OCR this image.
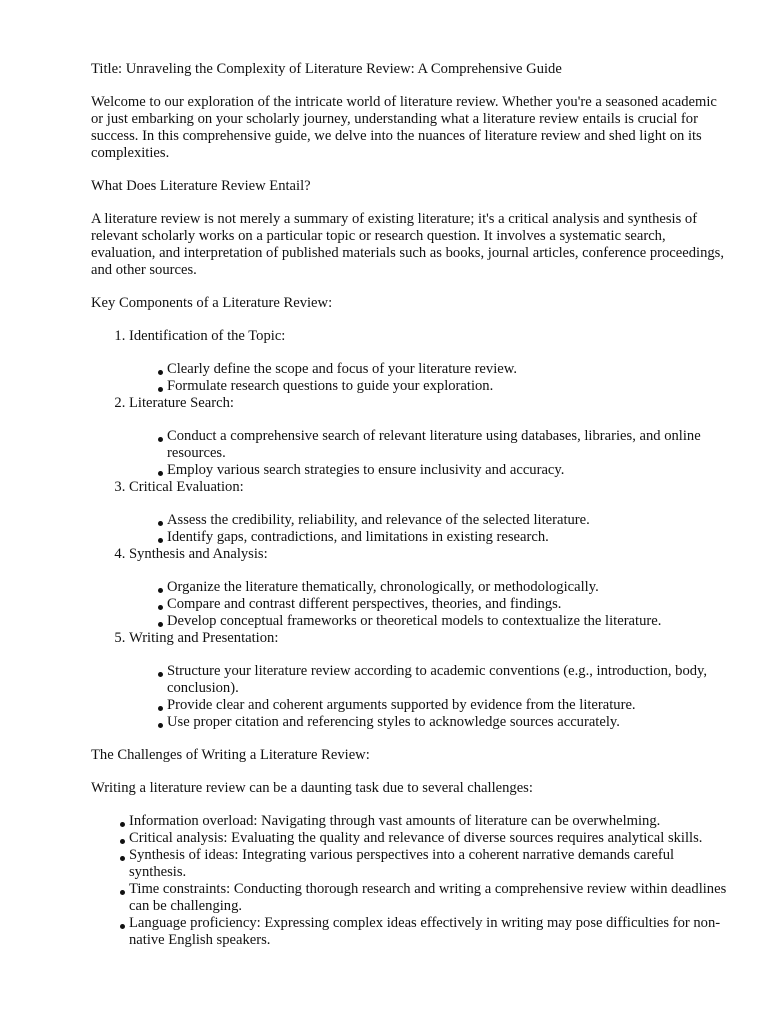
Title: Unraveling the Complexity of Literature Review: A Comprehensive Guide

Welcome to our exploration of the intricate world of literature review. Whether you're a seasoned academic or just embarking on your scholarly journey, understanding what a literature review entails is crucial for success. In this comprehensive guide, we delve into the nuances of literature review and shed light on its complexities.

What Does Literature Review Entail?

A literature review is not merely a summary of existing literature; it's a critical analysis and synthesis of relevant scholarly works on a particular topic or research question. It involves a systematic search, evaluation, and interpretation of published materials such as books, journal articles, conference proceedings, and other sources.

Key Components of a Literature Review:

1. Identification of the Topic:
Clearly define the scope and focus of your literature review.
Formulate research questions to guide your exploration.
2. Literature Search:
Conduct a comprehensive search of relevant literature using databases, libraries, and online resources.
Employ various search strategies to ensure inclusivity and accuracy.
3. Critical Evaluation:
Assess the credibility, reliability, and relevance of the selected literature.
Identify gaps, contradictions, and limitations in existing research.
4. Synthesis and Analysis:
Organize the literature thematically, chronologically, or methodologically.
Compare and contrast different perspectives, theories, and findings.
Develop conceptual frameworks or theoretical models to contextualize the literature.
5. Writing and Presentation:
Structure your literature review according to academic conventions (e.g., introduction, body, conclusion).
Provide clear and coherent arguments supported by evidence from the literature.
Use proper citation and referencing styles to acknowledge sources accurately.

The Challenges of Writing a Literature Review:

Writing a literature review can be a daunting task due to several challenges:

Information overload: Navigating through vast amounts of literature can be overwhelming.
Critical analysis: Evaluating the quality and relevance of diverse sources requires analytical skills.
Synthesis of ideas: Integrating various perspectives into a coherent narrative demands careful synthesis.
Time constraints: Conducting thorough research and writing a comprehensive review within deadlines can be challenging.
Language proficiency: Expressing complex ideas effectively in writing may pose difficulties for non-native English speakers.
